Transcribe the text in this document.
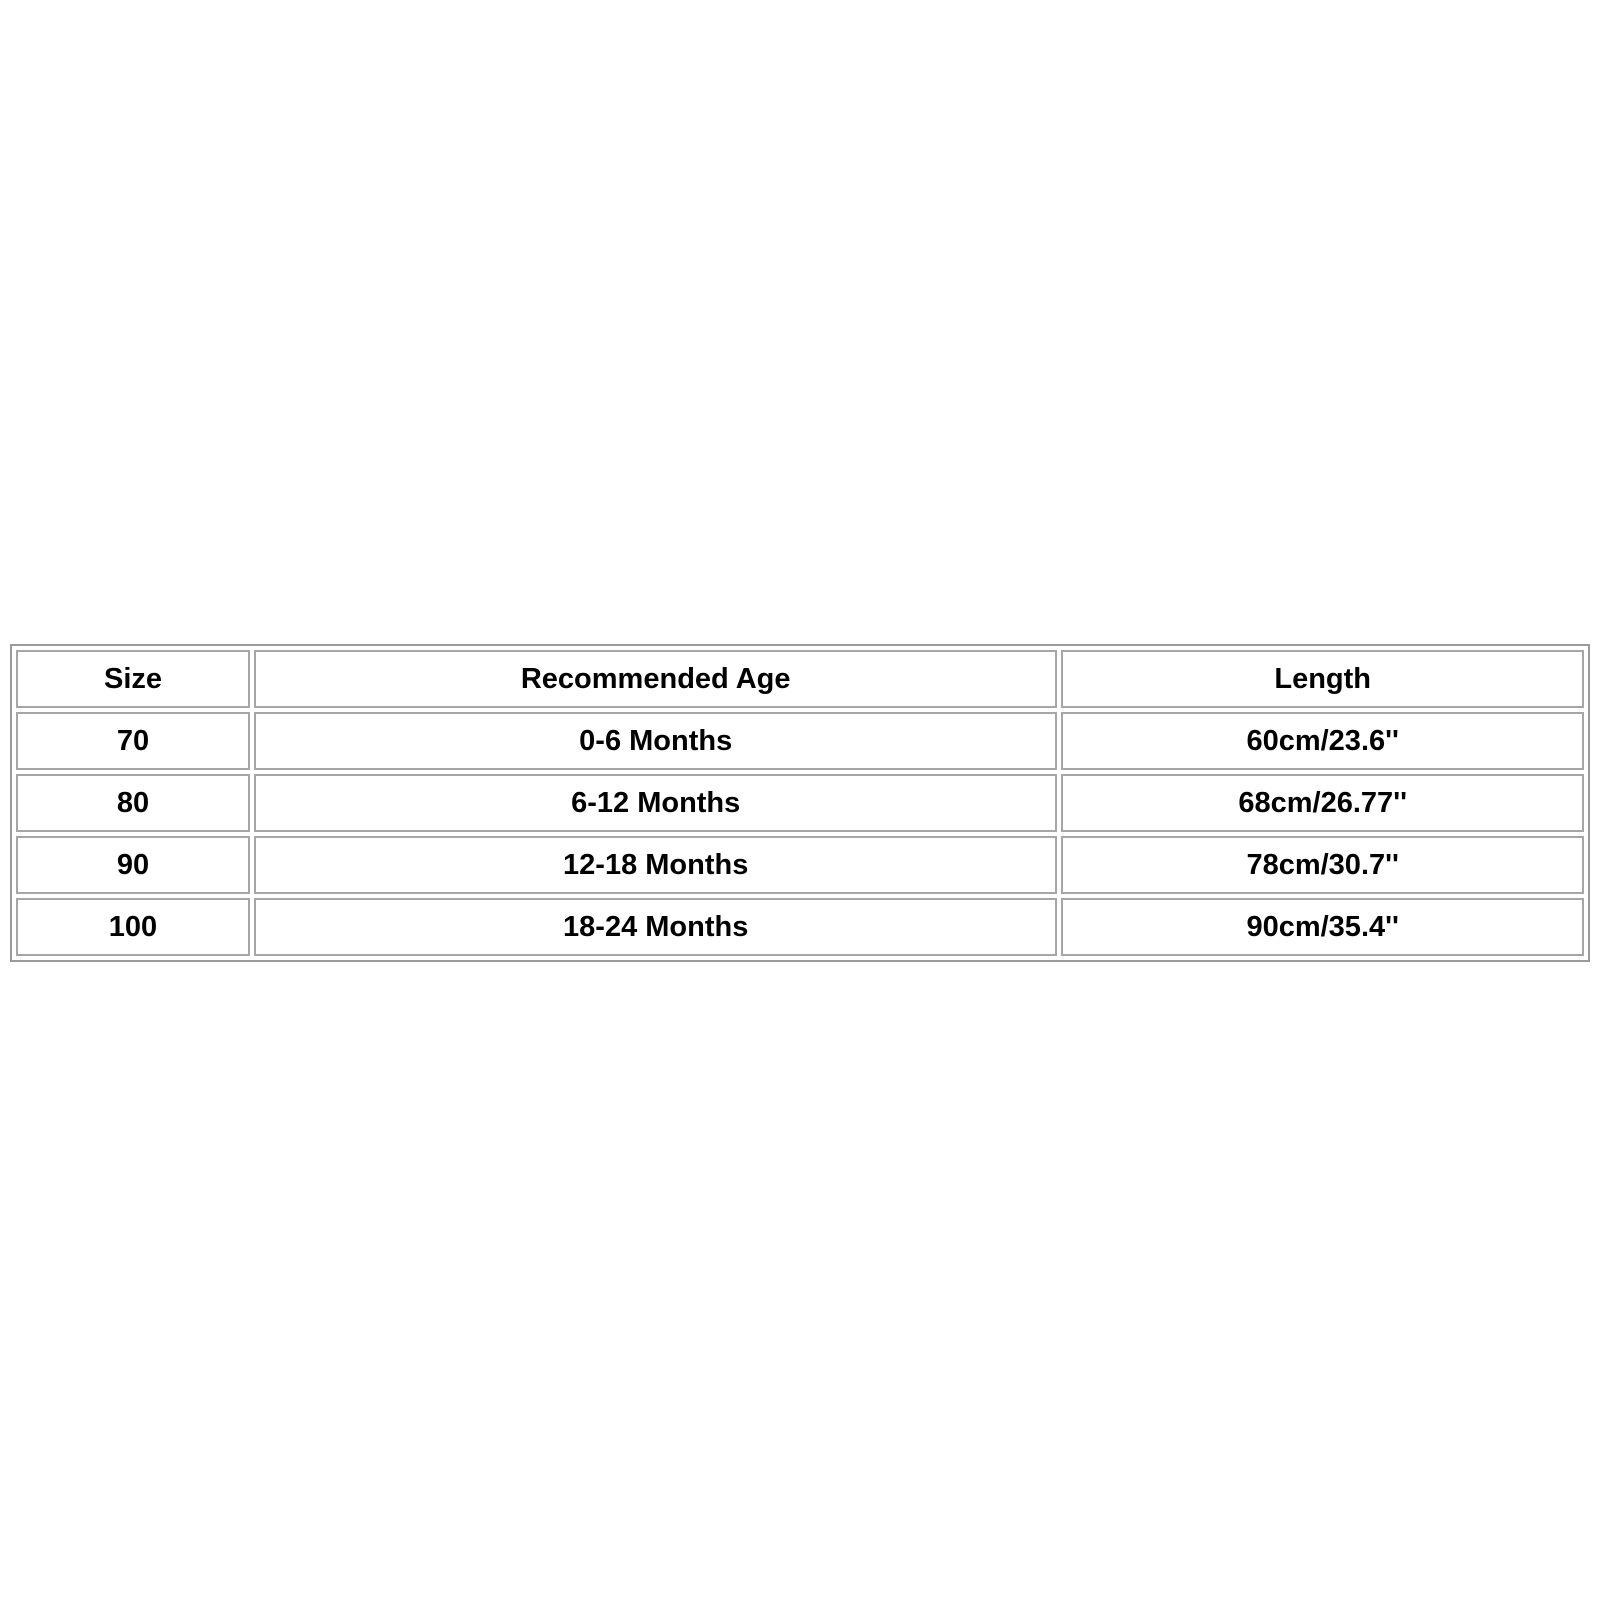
Size	Recommended Age	Length
70	0-6 Months	60cm/23.6''
80	6-12 Months	68cm/26.77''
90	12-18 Months	78cm/30.7''
100	18-24 Months	90cm/35.4''
